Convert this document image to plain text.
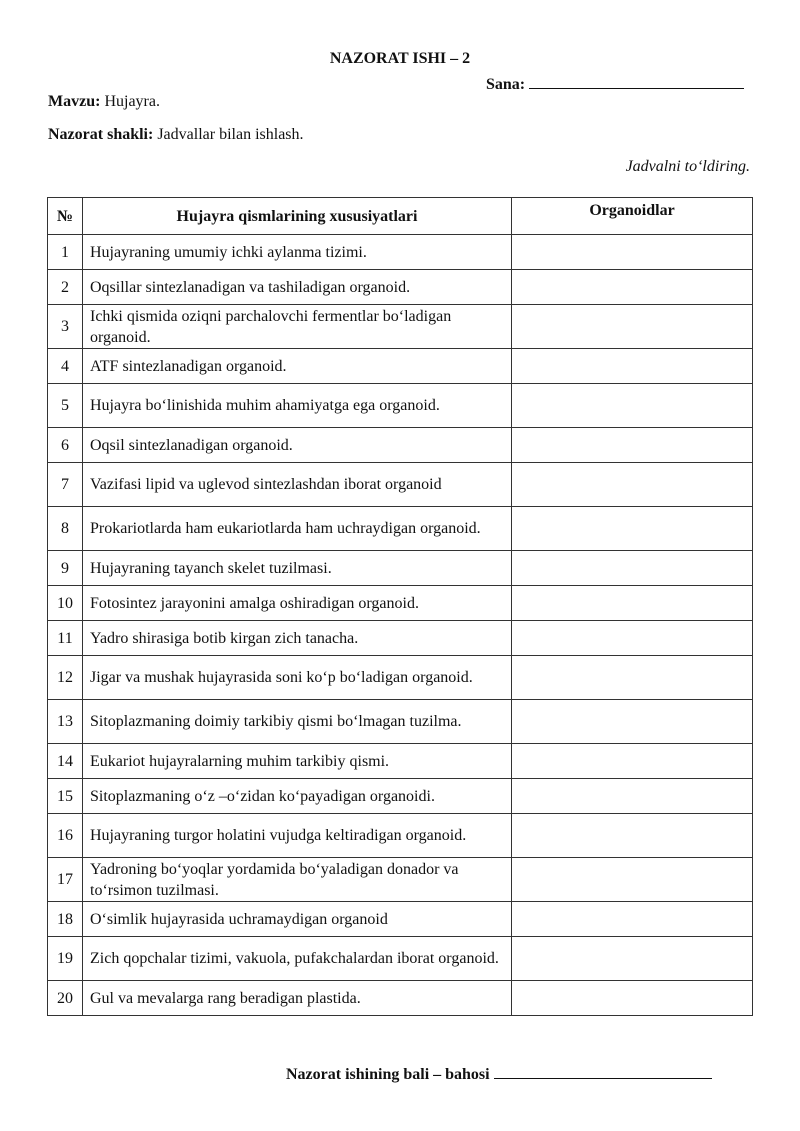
NAZORAT ISHI – 2
Sana:
Mavzu: Hujayra.
Nazorat shakli: Jadvallar bilan ishlash.
Jadvalni to‘ldiring.
№	Hujayra qismlarining xususiyatlari	Organoidlar
1	Hujayraning umumiy ichki aylanma tizimi.	
2	Oqsillar sintezlanadigan va tashiladigan organoid.	
3	Ichki qismida oziqni parchalovchi fermentlar bo‘ladigan organoid.	
4	ATF sintezlanadigan organoid.	
5	Hujayra bo‘linishida muhim ahamiyatga ega organoid.	
6	Oqsil sintezlanadigan organoid.	
7	Vazifasi lipid va uglevod sintezlashdan iborat organoid	
8	Prokariotlarda ham eukariotlarda ham uchraydigan organoid.	
9	Hujayraning tayanch skelet tuzilmasi.	
10	Fotosintez jarayonini amalga oshiradigan organoid.	
11	Yadro shirasiga botib kirgan zich tanacha.	
12	Jigar va mushak hujayrasida soni ko‘p bo‘ladigan organoid.	
13	Sitoplazmaning doimiy tarkibiy qismi bo‘lmagan tuzilma.	
14	Eukariot hujayralarning muhim tarkibiy qismi.	
15	Sitoplazmaning o‘z –o‘zidan ko‘payadigan organoidi.	
16	Hujayraning turgor holatini vujudga keltiradigan organoid.	
17	Yadroning bo‘yoqlar yordamida bo‘yaladigan donador va to‘rsimon tuzilmasi.	
18	O‘simlik hujayrasida uchramaydigan organoid	
19	Zich qopchalar tizimi, vakuola, pufakchalardan iborat organoid.	
20	Gul va mevalarga rang beradigan plastida.	
Nazorat ishining bali – bahosi
